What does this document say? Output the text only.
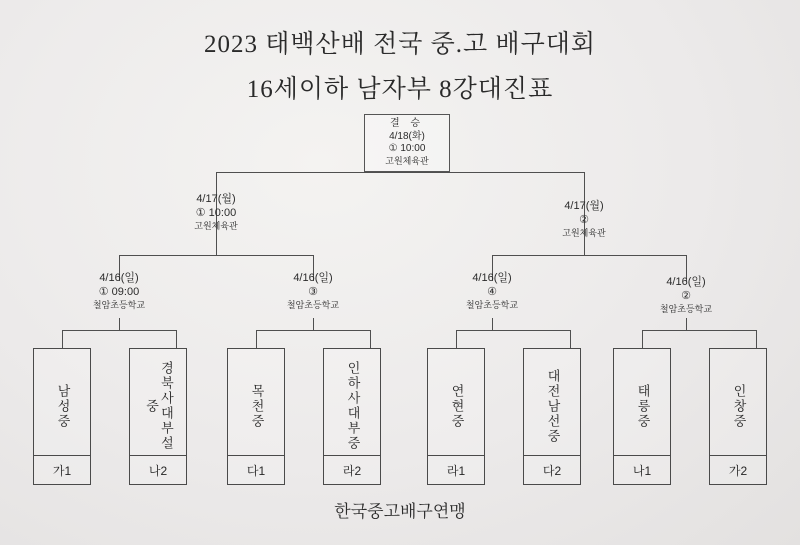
2023 태백산배 전국 중.고 배구대회
16세이하 남자부 8강대진표
결 승
4/18(화)
① 10:00
고원체육관
4/17(월)
① 10:00
고원체육관
4/17(월)
②
고원체육관
4/16(일)
① 09:00
철암초등학교
4/16(일)
③
철암초등학교
4/16(일)
④
철암초등학교
4/16(일)
②
철암초등학교
남성중
가1
경북사대부설중
나2
목천중
다1
인하사대부중
라2
연현중
라1
대전남선중
다2
태릉중
나1
인창중
가2
한국중고배구연맹
